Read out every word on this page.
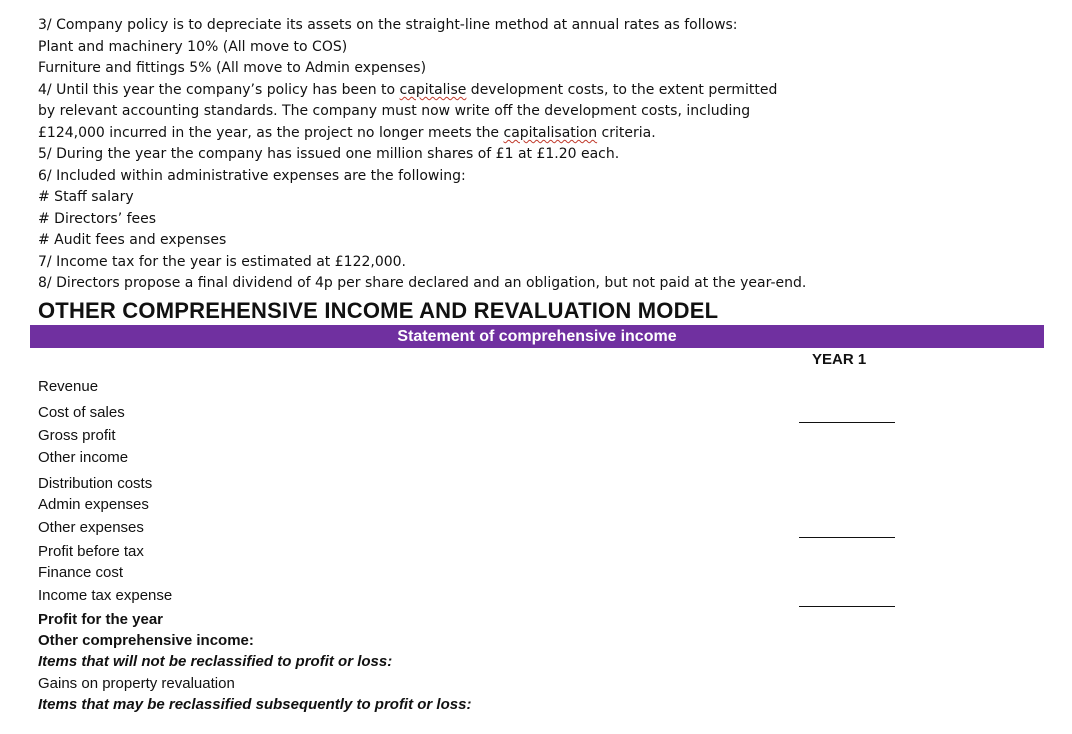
3/ Company policy is to depreciate its assets on the straight-line method at annual rates as follows:
Plant and machinery 10% (All move to COS)
Furniture and fittings 5% (All move to Admin expenses)
4/ Until this year the company’s policy has been to capitalise development costs, to the extent permitted
by relevant accounting standards. The company must now write off the development costs, including
£124,000 incurred in the year, as the project no longer meets the capitalisation criteria.
5/ During the year the company has issued one million shares of £1 at £1.20 each.
6/ Included within administrative expenses are the following:
# Staff salary
# Directors’ fees
# Audit fees and expenses
7/ Income tax for the year is estimated at £122,000.
8/ Directors propose a final dividend of 4p per share declared and an obligation, but not paid at the year-end.
OTHER COMPREHENSIVE INCOME AND REVALUATION MODEL
Statement of comprehensive income
YEAR 1
Revenue
Cost of sales
Gross profit
Other income
Distribution costs
Admin expenses
Other expenses
Profit before tax
Finance cost
Income tax expense
Profit for the year
Other comprehensive income:
Items that will not be reclassified to profit or loss:
Gains on property revaluation
Items that may be reclassified subsequently to profit or loss:
